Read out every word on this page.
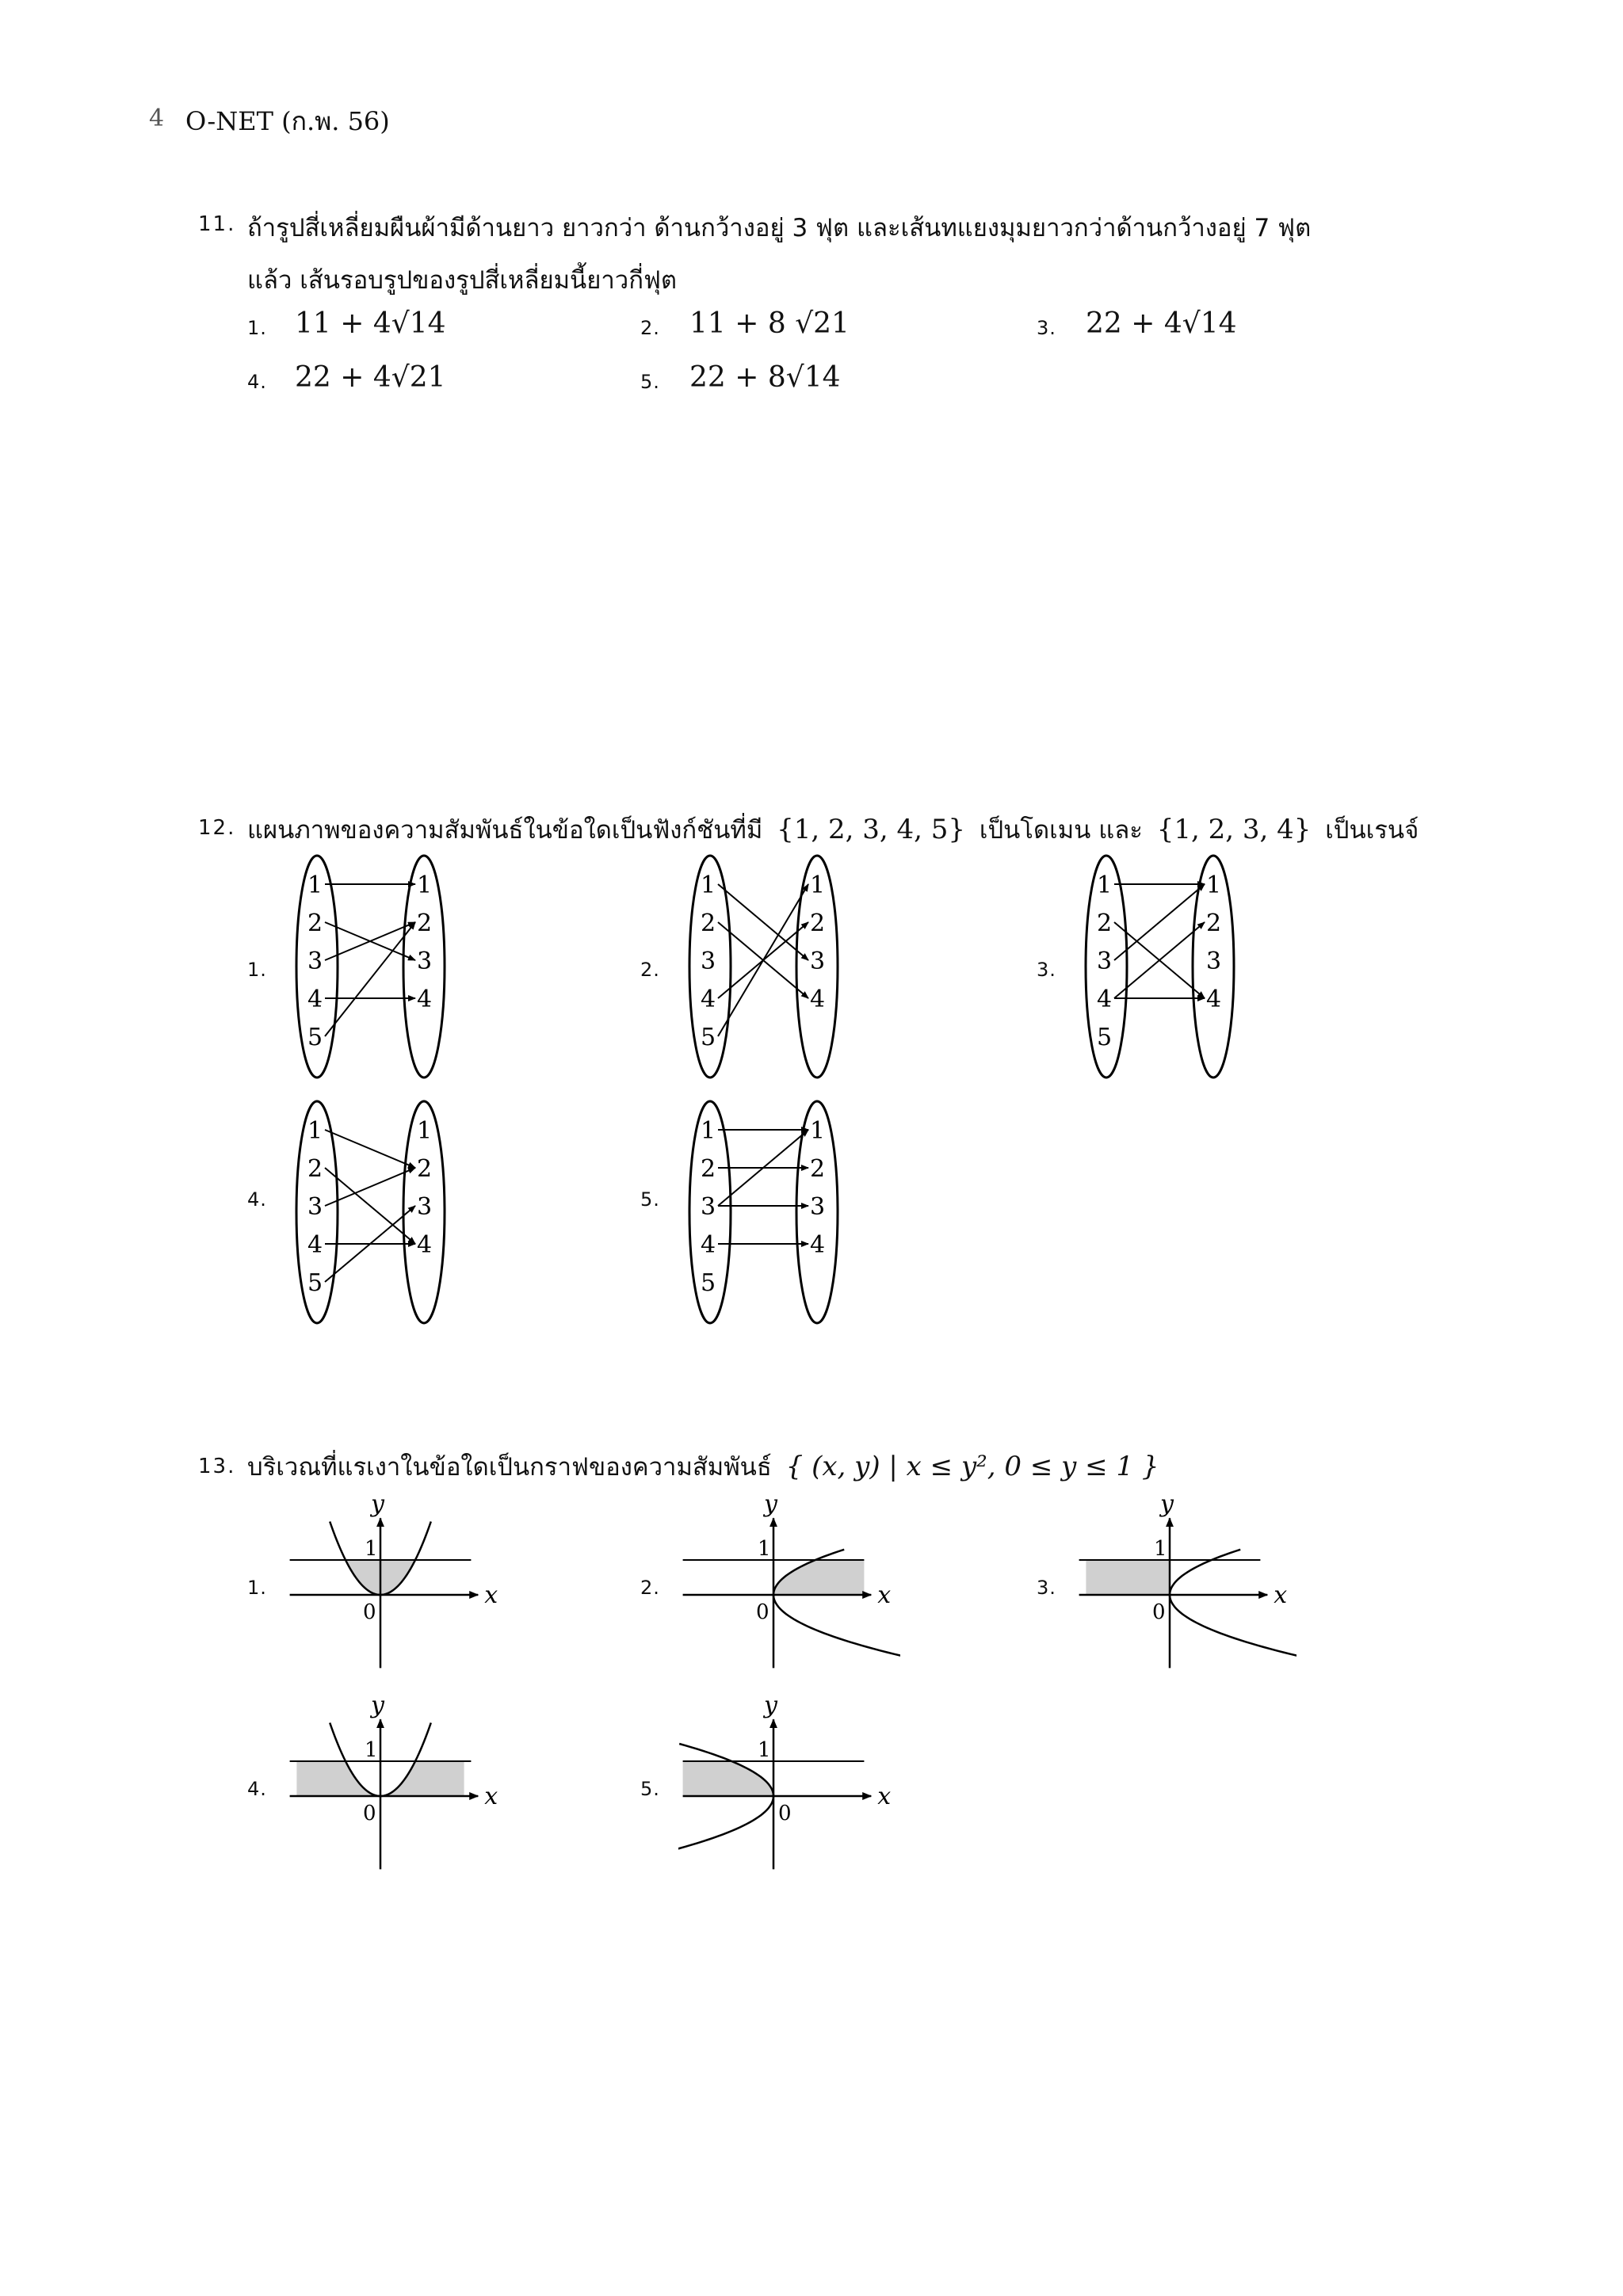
4 O-NET (ก.พ. 56)
11. ถ้ารูปสี่เหลี่ยมผืนผ้ามีด้านยาว ยาวกว่า ด้านกว้างอยู่ 3 ฟุต และเส้นทแยงมุมยาวกว่าด้านกว้างอยู่ 7 ฟุต
แล้ว เส้นรอบรูปของรูปสี่เหลี่ยมนี้ยาวกี่ฟุต
1. 11 + 4√14	2. 11 + 8 √21	3. 22 + 4√14
4. 22 + 4√21	5. 22 + 8√14
12. แผนภาพของความสัมพันธ์ในข้อใดเป็นฟังก์ชันที่มี {1, 2, 3, 4, 5} เป็นโดเมน และ {1, 2, 3, 4} เป็นเรนจ์
1.
1
2
3
4
5
1
2
3
4
2.
1
2
3
4
5
1
2
3
4
3.
1
2
3
4
5
1
2
3
4
4.
1
2
3
4
5
1
2
3
4
5.
1
2
3
4
5
1
2
3
4
13. บริเวณที่แรเงาในข้อใดเป็นกราฟของความสัมพันธ์ { (x, y) | x ≤ y², 0 ≤ y ≤ 1 }
1.
y
x
1
0
2.
y
x
1
0
3.
y
x
1
0
4.
y
x
1
0
5.
y
x
1
0
